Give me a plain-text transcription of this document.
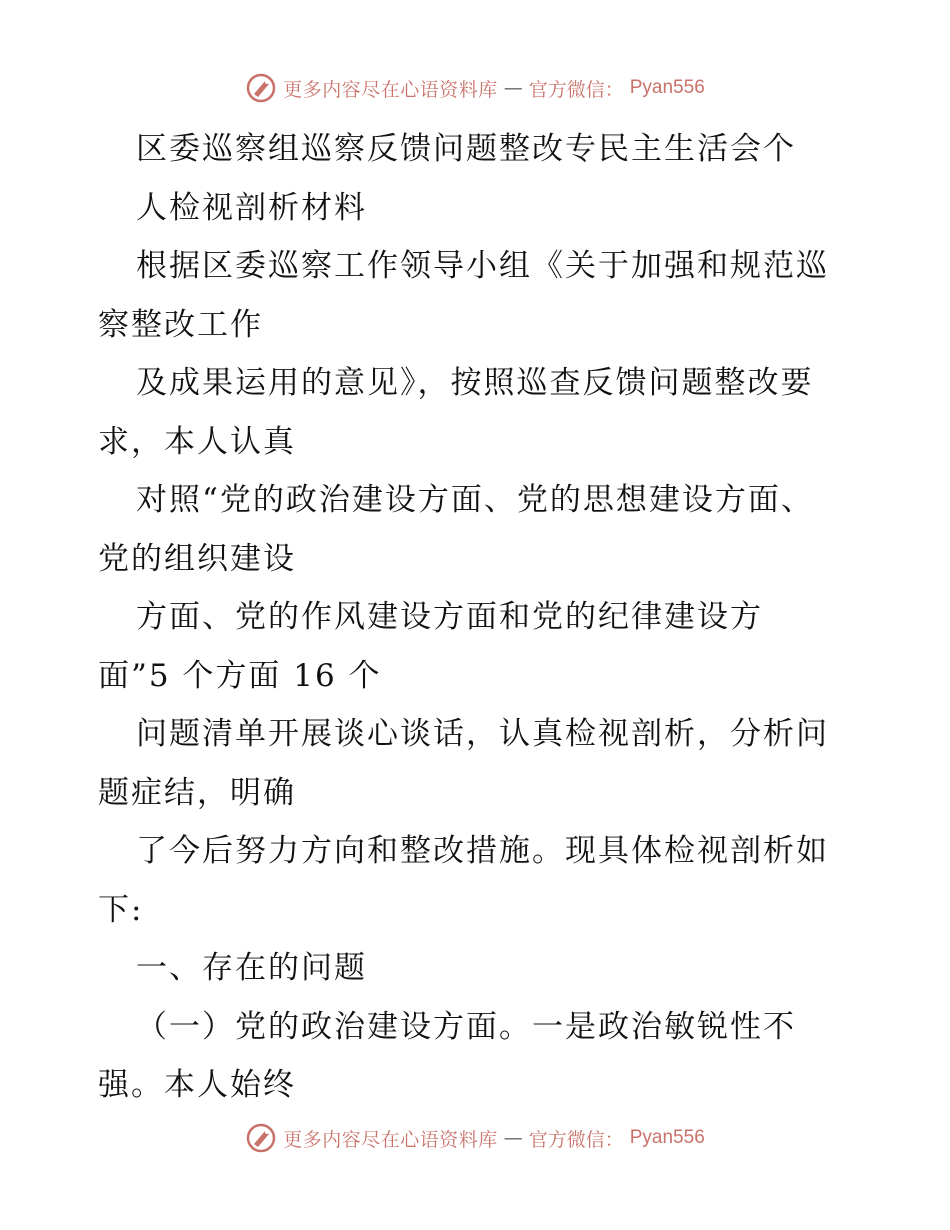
更多内容尽在心语资料库 — 官方微信： Pyan556
区委巡察组巡察反馈问题整改专民主生活会个
人检视剖析材料
根据区委巡察工作领导小组《关于加强和规范巡
察整改工作
及成果运用的意见》，按照巡查反馈问题整改要
求，本人认真
对照“党的政治建设方面、党的思想建设方面、
党的组织建设
方面、党的作风建设方面和党的纪律建设方
面”5 个方面 16 个
问题清单开展谈心谈话，认真检视剖析，分析问
题症结，明确
了今后努力方向和整改措施。现具体检视剖析如
下:
一、存在的问题
（一）党的政治建设方面。一是政治敏锐性不
强。本人始终
更多内容尽在心语资料库 — 官方微信： Pyan556
